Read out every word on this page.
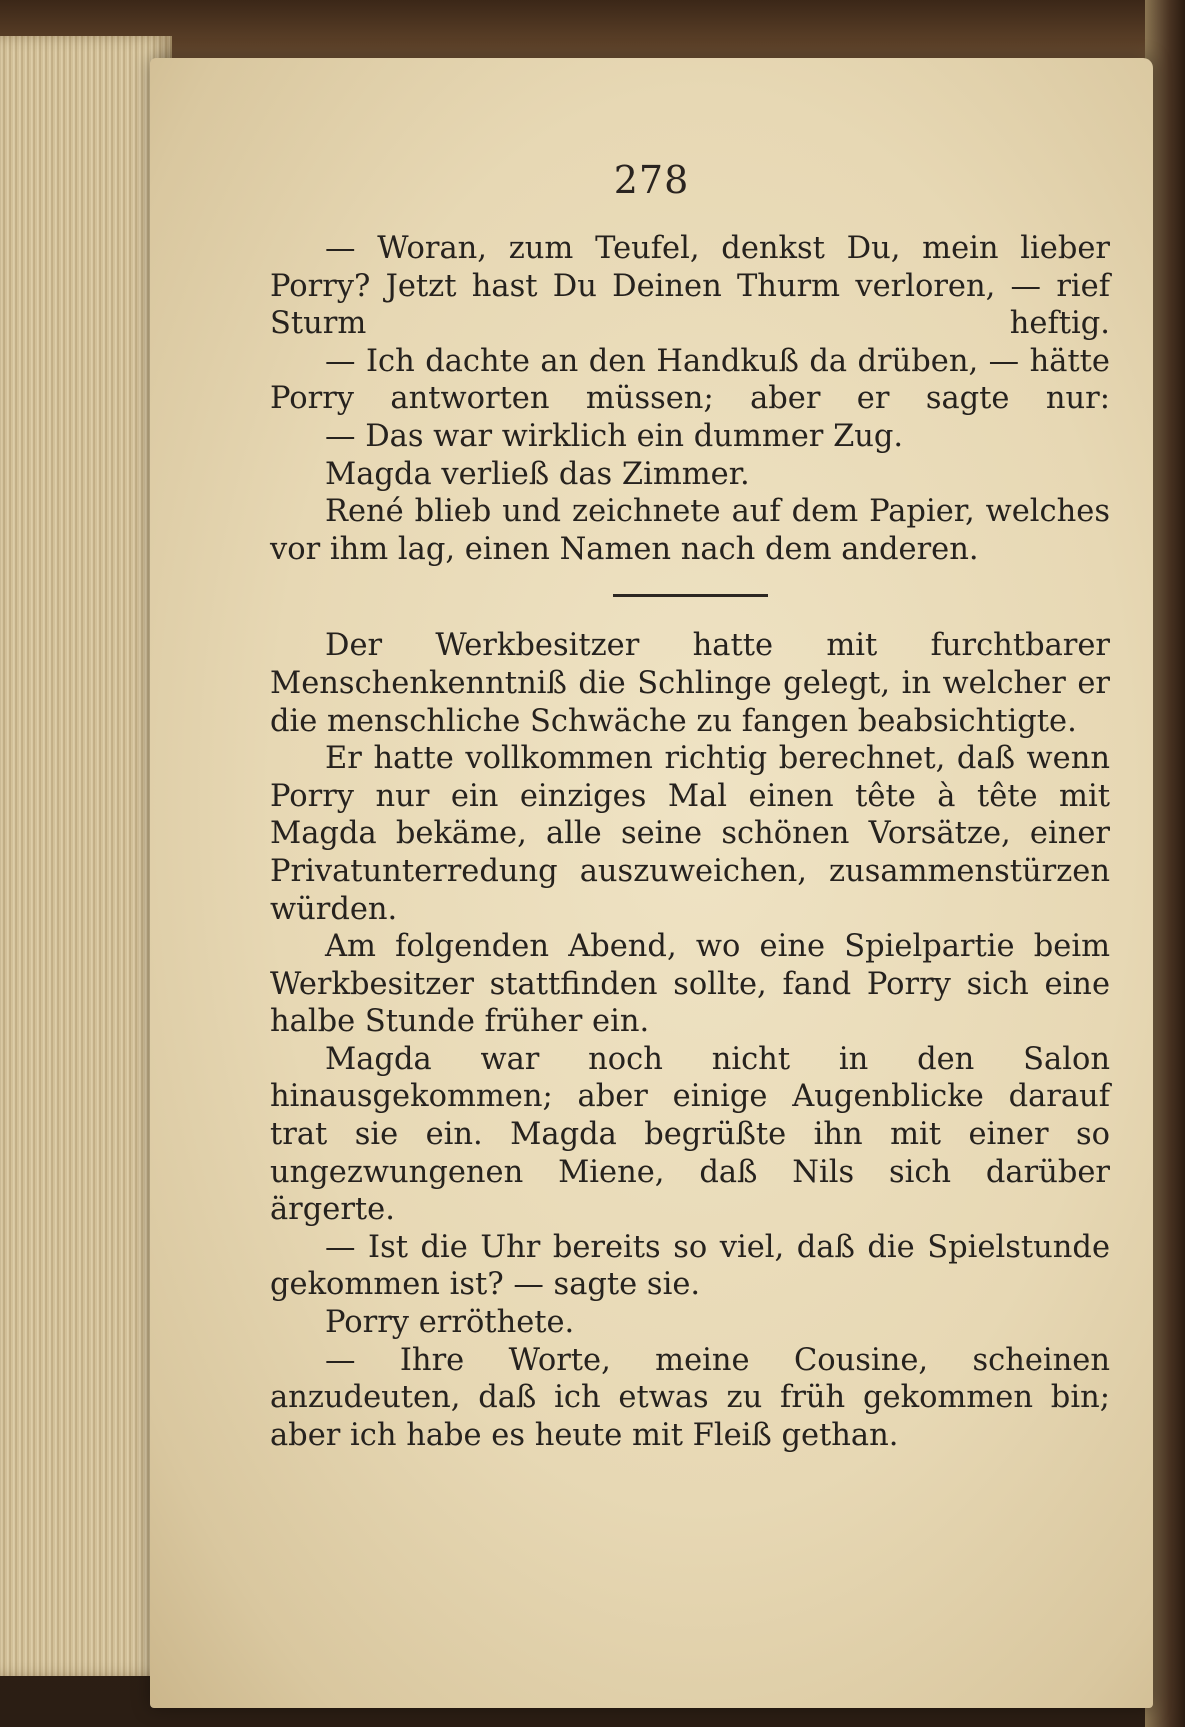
278

— Woran, zum Teufel, denkst Du, mein lieber Porry? Jetzt hast Du Deinen Thurm verloren, — rief Sturm heftig.

— Ich dachte an den Handkuß da drüben, — hätte Porry antworten müssen; aber er sagte nur:

— Das war wirklich ein dummer Zug.

Magda verließ das Zimmer.

René blieb und zeichnete auf dem Papier, welches vor ihm lag, einen Namen nach dem anderen.

Der Werkbesitzer hatte mit furchtbarer Menschenkenntniß die Schlinge gelegt, in welcher er die menschliche Schwäche zu fangen beabsichtigte.

Er hatte vollkommen richtig berechnet, daß wenn Porry nur ein einziges Mal einen tête à tête mit Magda bekäme, alle seine schönen Vorsätze, einer Privatunterredung auszuweichen, zusammenstürzen würden.

Am folgenden Abend, wo eine Spielpartie beim Werkbesitzer stattfinden sollte, fand Porry sich eine halbe Stunde früher ein.

Magda war noch nicht in den Salon hinausgekommen; aber einige Augenblicke darauf trat sie ein. Magda begrüßte ihn mit einer so ungezwungenen Miene, daß Nils sich darüber ärgerte.

— Ist die Uhr bereits so viel, daß die Spielstunde gekommen ist? — sagte sie.

Porry erröthete.

— Ihre Worte, meine Cousine, scheinen anzudeuten, daß ich etwas zu früh gekommen bin; aber ich habe es heute mit Fleiß gethan.
